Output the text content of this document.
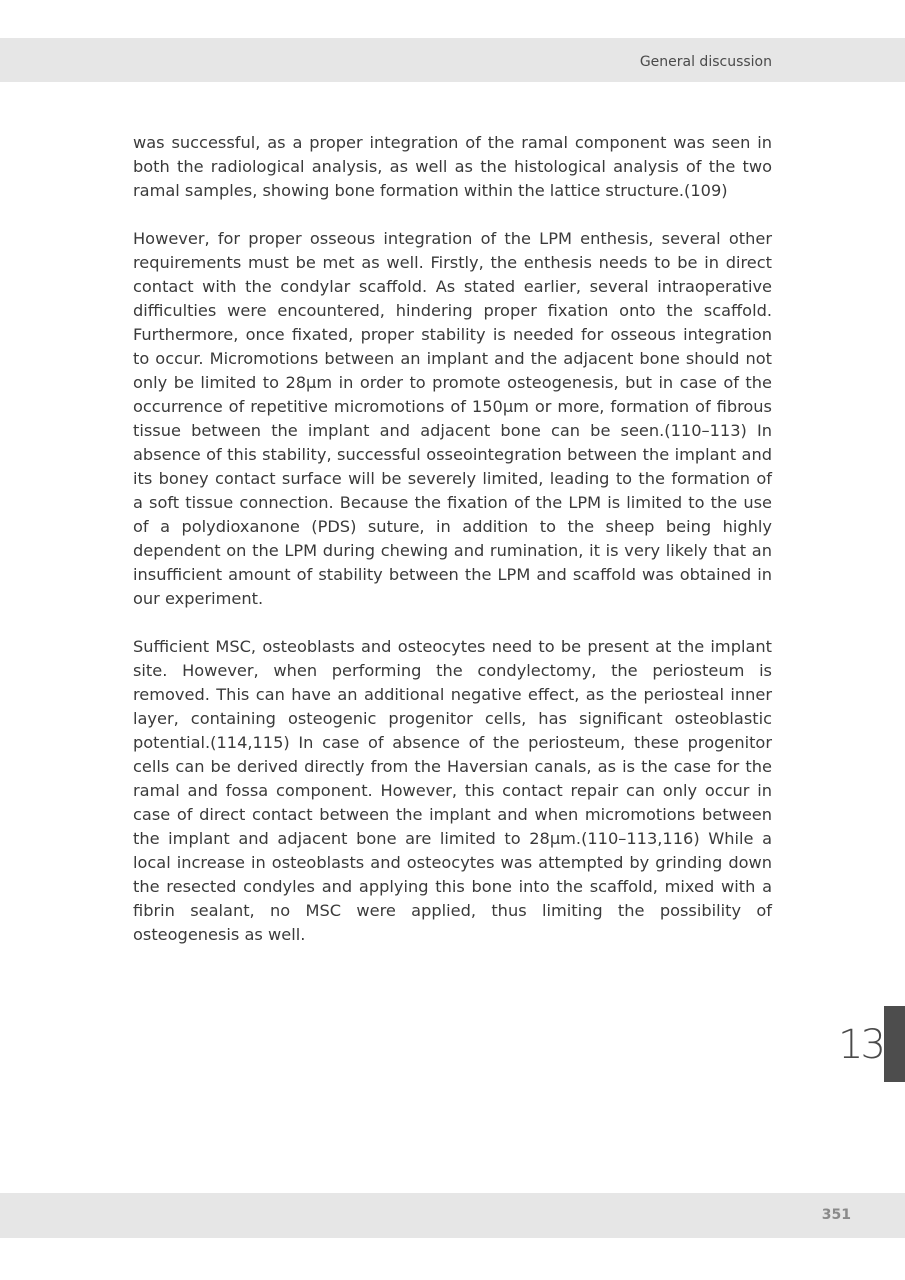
General discussion

was successful, as a proper integration of the ramal component was seen in both the radiological analysis, as well as the histological analysis of the two ramal samples, showing bone formation within the lattice structure.(109)

However, for proper osseous integration of the LPM enthesis, several other requirements must be met as well. Firstly, the enthesis needs to be in direct contact with the condylar scaffold. As stated earlier, several intraoperative difficulties were encountered, hindering proper fixation onto the scaffold. Furthermore, once fixated, proper stability is needed for osseous integration to occur. Micromotions between an implant and the adjacent bone should not only be limited to 28µm in order to promote osteogenesis, but in case of the occurrence of repetitive micromotions of 150µm or more, formation of fibrous tissue between the implant and adjacent bone can be seen.(110–113) In absence of this stability, successful osseointegration between the implant and its boney contact surface will be severely limited, leading to the formation of a soft tissue connection. Because the fixation of the LPM is limited to the use of a polydioxanone (PDS) suture, in addition to the sheep being highly dependent on the LPM during chewing and rumination, it is very likely that an insufficient amount of stability between the LPM and scaffold was obtained in our experiment.

Sufficient MSC, osteoblasts and osteocytes need to be present at the implant site. However, when performing the condylectomy, the periosteum is removed. This can have an additional negative effect, as the periosteal inner layer, containing osteogenic progenitor cells, has significant osteoblastic potential.(114,115) In case of absence of the periosteum, these progenitor cells can be derived directly from the Haversian canals, as is the case for the ramal and fossa component. However, this contact repair can only occur in case of direct contact between the implant and when micromotions between the implant and adjacent bone are limited to 28µm.(110–113,116) While a local increase in osteoblasts and osteocytes was attempted by grinding down the resected condyles and applying this bone into the scaffold, mixed with a fibrin sealant, no MSC were applied, thus limiting the possibility of osteogenesis as well.

13
351
